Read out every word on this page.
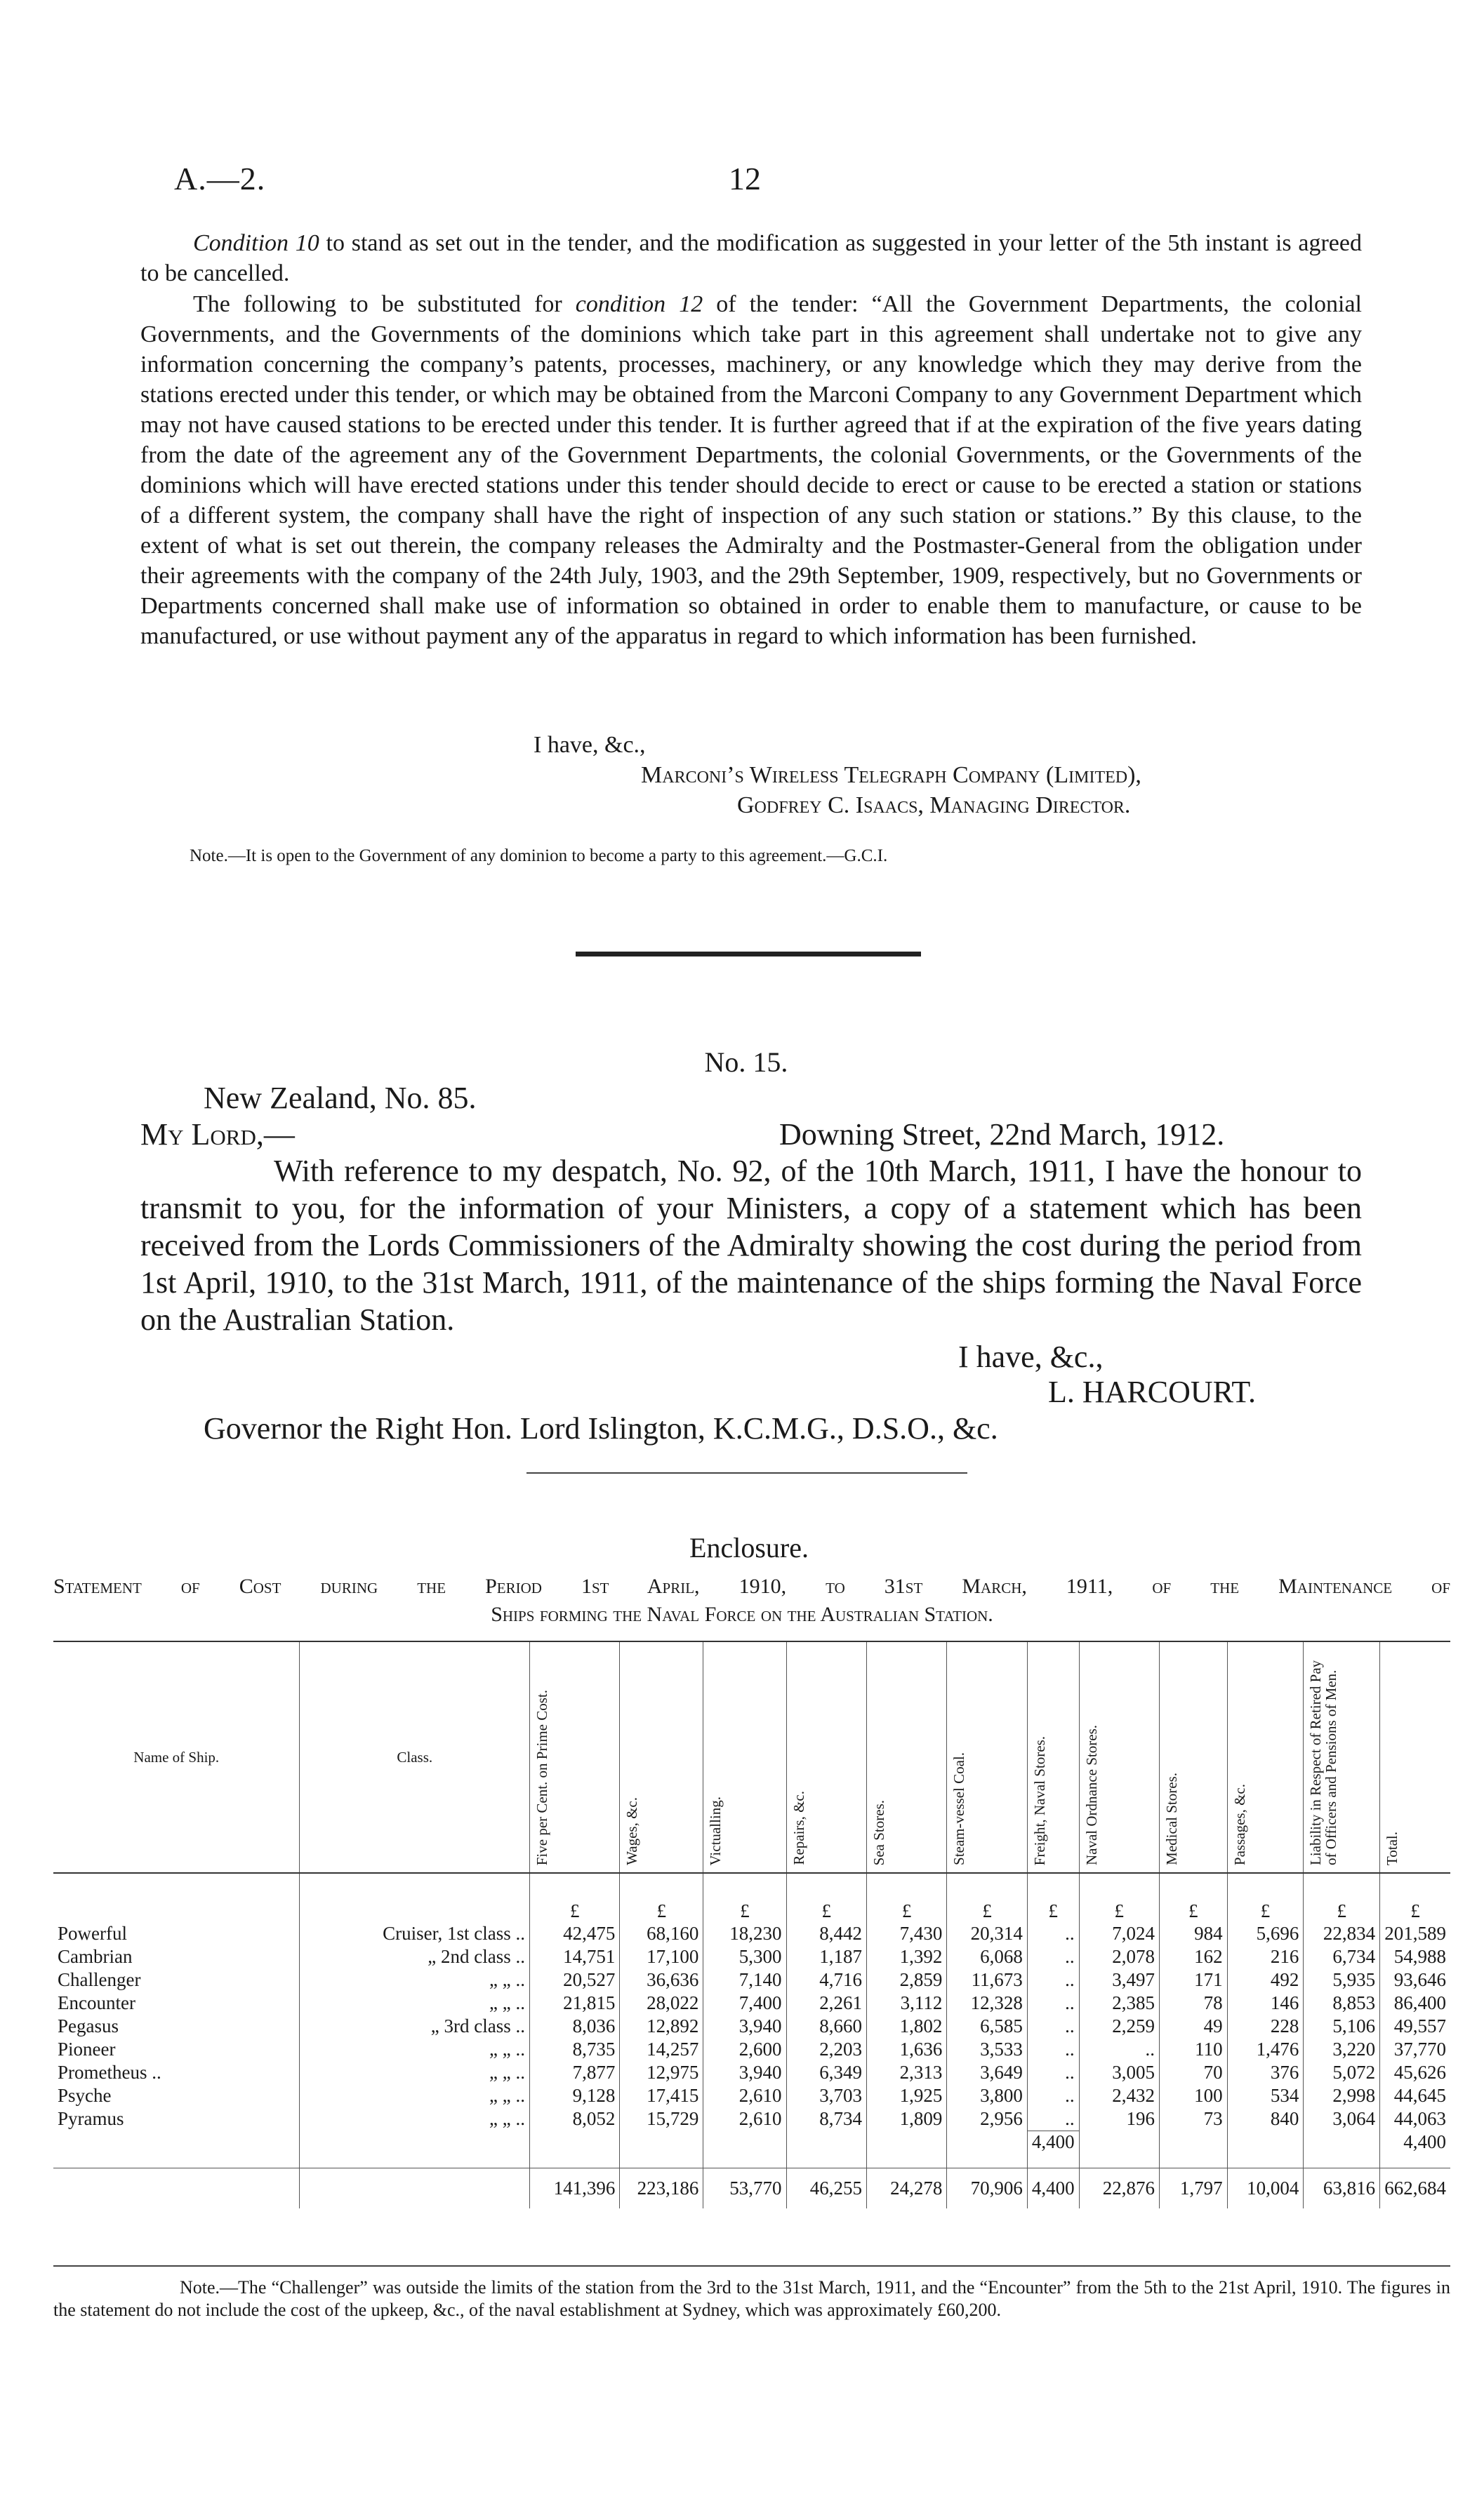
A.—2.	12
Condition 10 to stand as set out in the tender, and the modification as suggested in your letter of the 5th instant is agreed to be cancelled.
The following to be substituted for condition 12 of the tender: “All the Government Departments, the colonial Governments, and the Governments of the dominions which take part in this agreement shall undertake not to give any information concerning the company’s patents, processes, machinery, or any knowledge which they may derive from the stations erected under this tender, or which may be obtained from the Marconi Company to any Government Department which may not have caused stations to be erected under this tender. It is further agreed that if at the expiration of the five years dating from the date of the agreement any of the Government Departments, the colonial Governments, or the Governments of the dominions which will have erected stations under this tender should decide to erect or cause to be erected a station or stations of a different system, the company shall have the right of inspection of any such station or stations.” By this clause, to the extent of what is set out therein, the company releases the Admiralty and the Postmaster-General from the obligation under their agreements with the company of the 24th July, 1903, and the 29th September, 1909, respectively, but no Governments or Departments concerned shall make use of information so obtained in order to enable them to manufacture, or cause to be manufactured, or use without payment any of the apparatus in regard to which information has been furnished.
I have, &c.,
Marconi’s Wireless Telegraph Company (Limited),
Godfrey C. Isaacs, Managing Director.
Note.—It is open to the Government of any dominion to become a party to this agreement.—G.C.I.
No. 15.
New Zealand, No. 85.
My Lord,—	Downing Street, 22nd March, 1912.
With reference to my despatch, No. 92, of the 10th March, 1911, I have the honour to transmit to you, for the information of your Ministers, a copy of a statement which has been received from the Lords Commissioners of the Admiralty showing the cost during the period from 1st April, 1910, to the 31st March, 1911, of the maintenance of the ships forming the Naval Force on the Australian Station.
I have, &c.,
L. HARCOURT.
Governor the Right Hon. Lord Islington, K.C.M.G., D.S.O., &c.
Enclosure.
Statement of Cost during the Period 1st April, 1910, to 31st March, 1911, of the Maintenance of
Ships forming the Naval Force on the Australian Station.
Name of Ship.	Class.	Five per Cent. on Prime Cost.	Wages, &c.	Victualling.	Repairs, &c.	Sea Stores.	Steam-vessel Coal.	Freight, Naval Stores.	Naval Ordnance Stores.	Medical Stores.	Passages, &c.	Liability in Respect of Retired Pay of Officers and Pensions of Men.	Total.

		£	£	£	£	£	£	£	£	£	£	£	£
Powerful	Cruiser, 1st class ..	42,475	68,160	18,230	8,442	7,430	20,314	..	7,024	984	5,696	22,834	201,589
Cambrian	„ 2nd class ..	14,751	17,100	5,300	1,187	1,392	6,068	..	2,078	162	216	6,734	54,988
Challenger	„ „ ..	20,527	36,636	7,140	4,716	2,859	11,673	..	3,497	171	492	5,935	93,646
Encounter	„ „ ..	21,815	28,022	7,400	2,261	3,112	12,328	..	2,385	78	146	8,853	86,400
Pegasus	„ 3rd class ..	8,036	12,892	3,940	8,660	1,802	6,585	..	2,259	49	228	5,106	49,557
Pioneer	„ „ ..	8,735	14,257	2,600	2,203	1,636	3,533	..	..	110	1,476	3,220	37,770
Prometheus ..	„ „ ..	7,877	12,975	3,940	6,349	2,313	3,649	..	3,005	70	376	5,072	45,626
Psyche	„ „ ..	9,128	17,415	2,610	3,703	1,925	3,800	..	2,432	100	534	2,998	44,645
Pyramus	„ „ ..	8,052	15,729	2,610	8,734	1,809	2,956	..	196	73	840	3,064	44,063
								4,400					4,400

		141,396	223,186	53,770	46,255	24,278	70,906	4,400	22,876	1,797	10,004	63,816	662,684
Note.—The “Challenger” was outside the limits of the station from the 3rd to the 31st March, 1911, and the “Encounter” from the 5th to the 21st April, 1910. The figures in the statement do not include the cost of the upkeep, &c., of the naval establishment at Sydney, which was approximately £60,200.
